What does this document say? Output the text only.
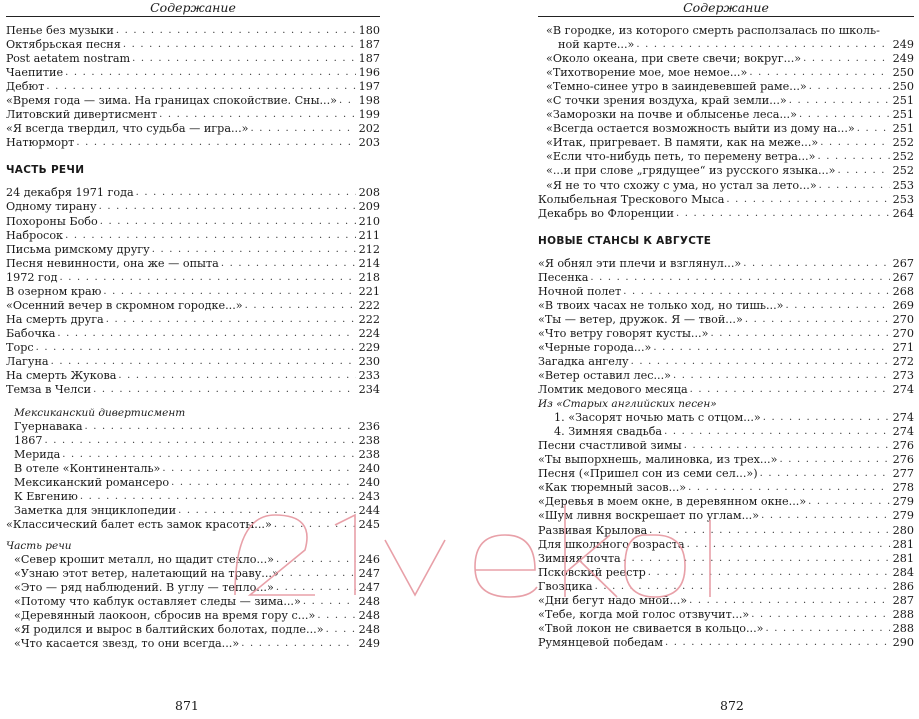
Содержание
Пенье без музыки . . .	180
Октябрьская песня . . .	187
Post aetatem nostram . . .	187
Чаепитие . . .	196
Дебют . . .	197
«Время года — зима. На границах спокойствие. Сны...» . . . 198
Литовский дивертисмент . . .	199
«Я всегда твердил, что судьба — игра...» . . .	202
Натюрморт . . .	203
ЧАСТЬ РЕЧИ
24 декабря 1971 года . . .	208
Одному тирану . . .	209
Похороны Бобо . . .	210
Набросок . . .	211
Письма римскому другу . . .	212
Песня невинности, она же — опыта . . .	214
1972 год . . .	218
В озерном краю . . .	221
«Осенний вечер в скромном городке...» . . .	222
На смерть друга . . .	222
Бабочка . . .	224
Торс . . .	229
Лагуна . . .	230
На смерть Жукова . . .	233
Темза в Челси . . .	234
Мексиканский дивертисмент
Гуернавака . . .	236
1867 . . .	238
Мерида . . .	238
В отеле «Континенталь» . . .	240
Мексиканский романсеро . . .	240
К Евгению . . .	243
Заметка для энциклопедии . . .	244
«Классический балет есть замок красоты...» . . .	245
Часть речи
«Север крошит металл, но щадит стекло...» . . .	246
«Узнаю этот ветер, налетающий на траву...» . . .	247
«Это — ряд наблюдений. В углу — тепло...» . . .	247
«Потому что каблук оставляет следы — зима...» . . .	248
«Деревянный лаокоон, сбросив на время гору с...» . . .	248
«Я родился и вырос в балтийских болотах, подле...» . . .	248
«Что касается звезд, то они всегда...» . . .	249
Содержание
«В городке, из которого смерть расползалась по школь-
ной карте...» . . .	249
«Около океана, при свете свечи; вокруг...» . . .	249
«Тихотворение мое, мое немое...» . . .	250
«Темно-синее утро в заиндевевшей раме...» . . .	250
«С точки зрения воздуха, край земли...» . . .	251
«Заморозки на почве и облысенье леса...» . . .	251
«Всегда остается возможность выйти из дому на...» . . .	251
«Итак, пригревает. В памяти, как на меже...» . . .	252
«Если что-нибудь петь, то перемену ветра...» . . .	252
«...и при слове „грядущее“ из русского языка...» . . .	252
«Я не то что схожу с ума, но устал за лето...» . . .	253
Колыбельная Трескового Мыса . . .	253
Декабрь во Флоренции . . .	264
НОВЫЕ СТАНСЫ К АВГУСТЕ
«Я обнял эти плечи и взглянул...» . . .	267
Песенка . . .	267
Ночной полет . . .	268
«В твоих часах не только ход, но тишь...» . . .	269
«Ты — ветер, дружок. Я — твой...» . . .	270
«Что ветру говорят кусты...» . . .	270
«Черные города...» . . .	271
Загадка ангелу . . .	272
«Ветер оставил лес...» . . .	273
Ломтик медового месяца . . .	274
Из «Старых английских песен»
1. «Засорят ночью мать с отцом...» . . .	274
4. Зимняя свадьба . . .	274
Песни счастливой зимы . . .	276
«Ты выпорхнешь, малиновка, из трех...» . . .	276
Песня («Пришел сон из семи сел...») . . .	277
«Как тюремный засов...» . . .	278
«Деревья в моем окне, в деревянном окне...» . . .	279
«Шум ливня воскрешает по углам...» . . .	279
Развивая Крылова . . .	280
Для школьного возраста . . .	281
Зимняя почта . . .	281
Псковский реестр . . .	284
Гвоздика . . .	286
«Дни бегут надо мной...» . . .	287
«Тебе, когда мой голос отзвучит...» . . .	288
«Твой локон не свивается в кольцо...» . . .	288
Румянцевой победам . . .	290
871	872
